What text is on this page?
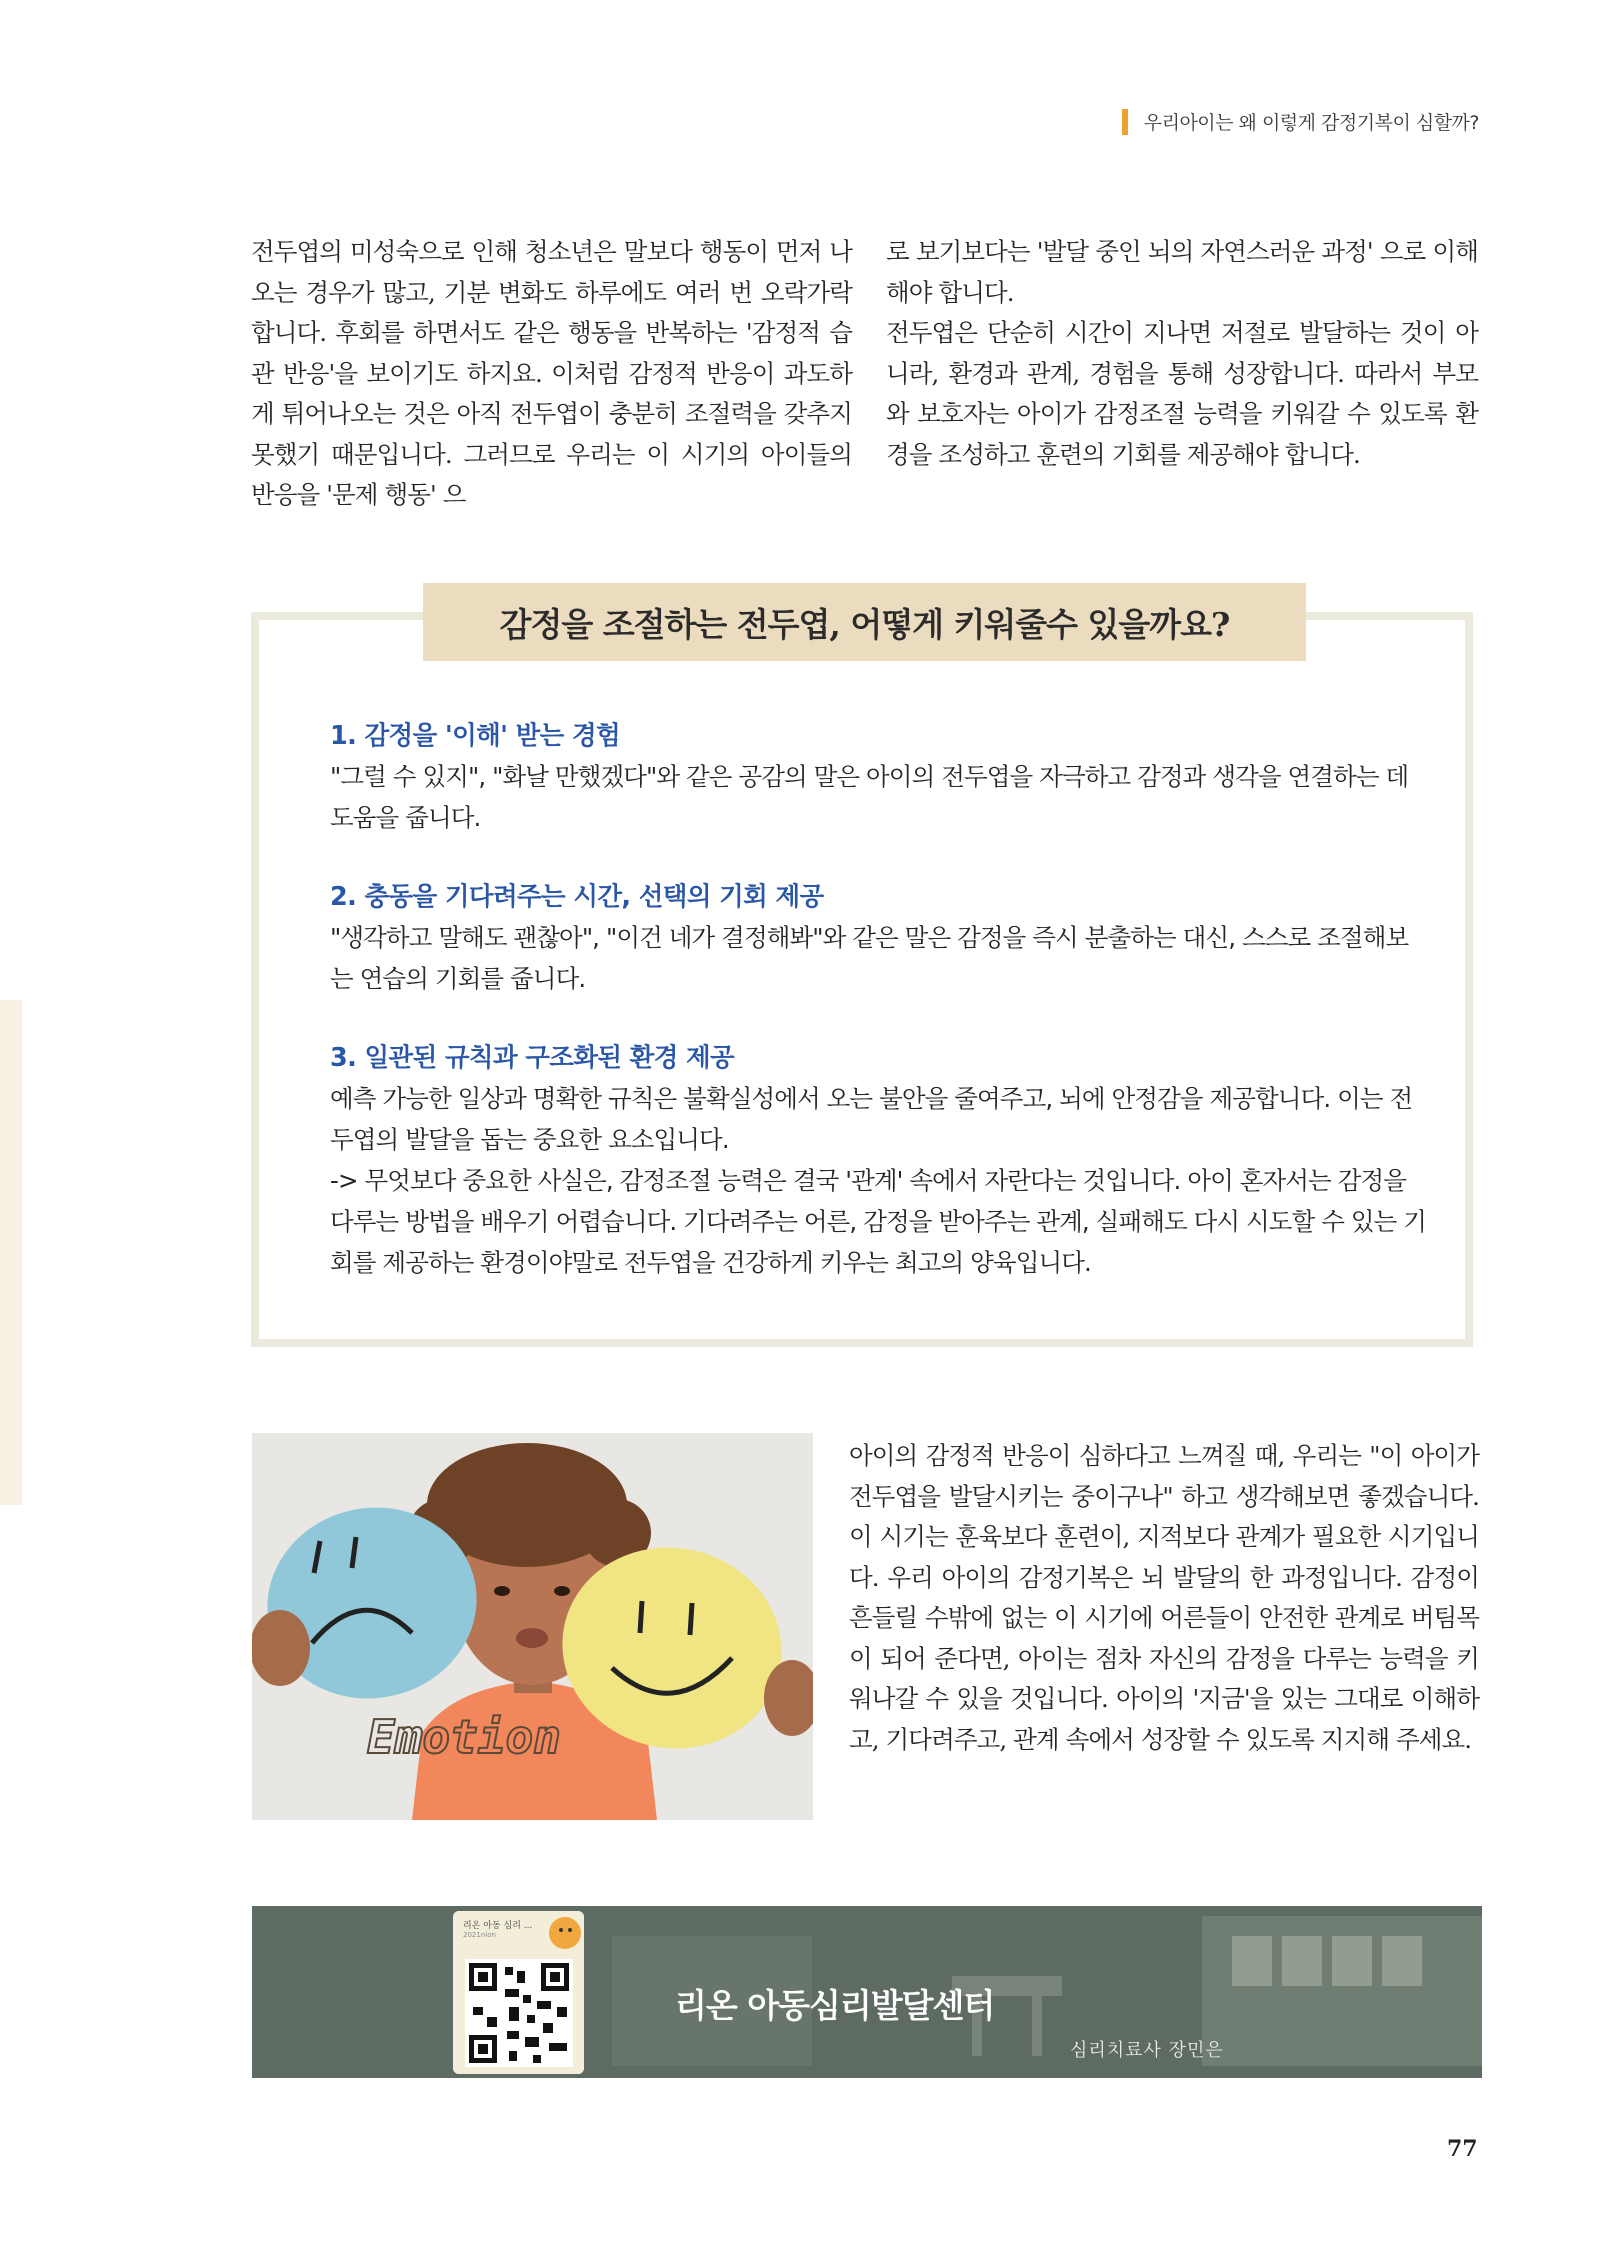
우리아이는 왜 이렇게 감정기복이 심할까?

전두엽의 미성숙으로 인해 청소년은 말보다 행동이 먼저 나오는 경우가 많고, 기분 변화도 하루에도 여러 번 오락가락합니다. 후회를 하면서도 같은 행동을 반복하는 '감정적 습관 반응'을 보이기도 하지요. 이처럼 감정적 반응이 과도하게 튀어나오는 것은 아직 전두엽이 충분히 조절력을 갖추지 못했기 때문입니다. 그러므로 우리는 이 시기의 아이들의 반응을 '문제 행동' 으

로 보기보다는 '발달 중인 뇌의 자연스러운 과정' 으로 이해해야 합니다.

전두엽은 단순히 시간이 지나면 저절로 발달하는 것이 아니라, 환경과 관계, 경험을 통해 성장합니다. 따라서 부모와 보호자는 아이가 감정조절 능력을 키워갈 수 있도록 환경을 조성하고 훈련의 기회를 제공해야 합니다.

감정을 조절하는 전두엽, 어떻게 키워줄수 있을까요?
1. 감정을 '이해' 받는 경험

"그럴 수 있지", "화날 만했겠다"와 같은 공감의 말은 아이의 전두엽을 자극하고 감정과 생각을 연결하는 데 도움을 줍니다.

2. 충동을 기다려주는 시간, 선택의 기회 제공

"생각하고 말해도 괜찮아", "이건 네가 결정해봐"와 같은 말은 감정을 즉시 분출하는 대신, 스스로 조절해보는 연습의 기회를 줍니다.

3. 일관된 규칙과 구조화된 환경 제공

예측 가능한 일상과 명확한 규칙은 불확실성에서 오는 불안을 줄여주고, 뇌에 안정감을 제공합니다. 이는 전두엽의 발달을 돕는 중요한 요소입니다.

-> 무엇보다 중요한 사실은, 감정조절 능력은 결국 '관계' 속에서 자란다는 것입니다. 아이 혼자서는 감정을 다루는 방법을 배우기 어렵습니다. 기다려주는 어른, 감정을 받아주는 관계, 실패해도 다시 시도할 수 있는 기회를 제공하는 환경이야말로 전두엽을 건강하게 키우는 최고의 양육입니다.

Emotion

아이의 감정적 반응이 심하다고 느껴질 때, 우리는 "이 아이가 전두엽을 발달시키는 중이구나" 하고 생각해보면 좋겠습니다. 이 시기는 훈육보다 훈련이, 지적보다 관계가 필요한 시기입니다. 우리 아이의 감정기복은 뇌 발달의 한 과정입니다. 감정이 흔들릴 수밖에 없는 이 시기에 어른들이 안전한 관계로 버팀목이 되어 준다면, 아이는 점차 자신의 감정을 다루는 능력을 키워나갈 수 있을 것입니다. 아이의 '지금'을 있는 그대로 이해하고, 기다려주고, 관계 속에서 성장할 수 있도록 지지해 주세요.

리온 아동 심리 ...
2021nion
리온 아동심리발달센터
심리치료사 장민은
77
